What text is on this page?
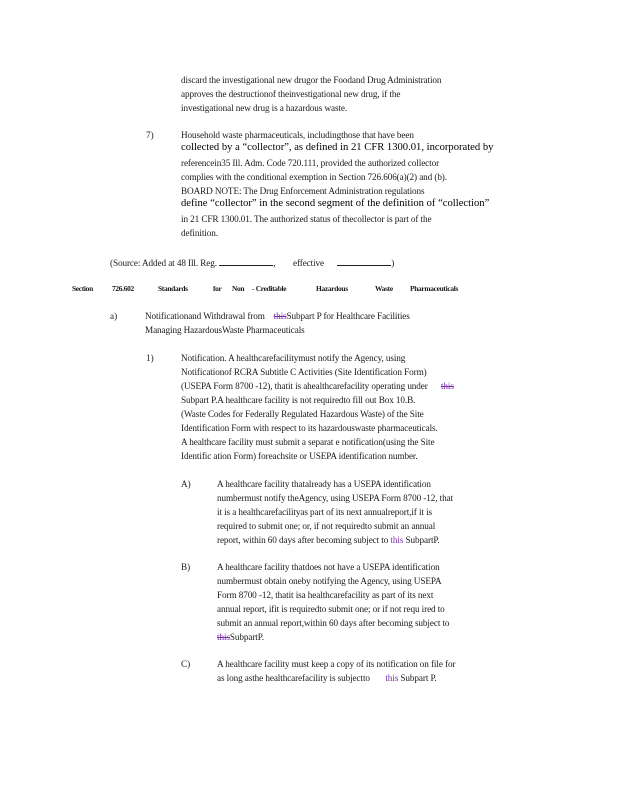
discard the investigational new drugor the Foodand Drug Administration
approves the destructionof theinvestigational new drug, if the
investigational new drug is a hazardous waste.
7)	Household waste pharmaceuticals, includingthose that have been
collected by a “collector”, as defined in 21 CFR 1300.01, incorporated by
referencein35 Ill. Adm. Code 720.111, provided the authorized collector
complies with the conditional exemption in Section 726.606(a)(2) and (b).
BOARD NOTE: The Drug Enforcement Administration regulations
define “collector” in the second segment of the definition of “collection”
in 21 CFR 1300.01. The authorized status of thecollector is part of the
definition.
(Source: Added at 48 Ill. Reg.	, effective	)
Section	726.602	Standards	for Non - Creditable	Hazardous	Waste Pharmaceuticals
a)	Notificationand Withdrawal from thisSubpart P for Healthcare Facilities
Managing HazardousWaste Pharmaceuticals
1)	Notification. A healthcarefacilitymust notify the Agency, using
Notificationof RCRA Subtitle C Activities (Site Identification Form)
(USEPA Form 8700 -12), thatit is ahealthcarefacility operating under this
Subpart P.A healthcare facility is not requiredto fill out Box 10.B.
(Waste Codes for Federally Regulated Hazardous Waste) of the Site
Identification Form with respect to its hazardouswaste pharmaceuticals.
A healthcare facility must submit a separat e notification(using the Site
Identific ation Form) foreachsite or USEPA identification number.
A)	A healthcare facility thatalready has a USEPA identification
numbermust notify theAgency, using USEPA Form 8700 -12, that
it is a healthcarefacilityas part of its next annualreport,if it is
required to submit one; or, if not requiredto submit an annual
report, within 60 days after becoming subject to this SubpartP.
B)	A healthcare facility thatdoes not have a USEPA identification
numbermust obtain oneby notifying the Agency, using USEPA
Form 8700 -12, thatit isa healthcarefacility as part of its next
annual report, ifit is requiredto submit one; or if not requ ired to
submit an annual report,within 60 days after becoming subject to
thisSubpartP.
C)	A healthcare facility must keep a copy of its notification on file for
as long asthe healthcarefacility is subjectto this Subpart P.
